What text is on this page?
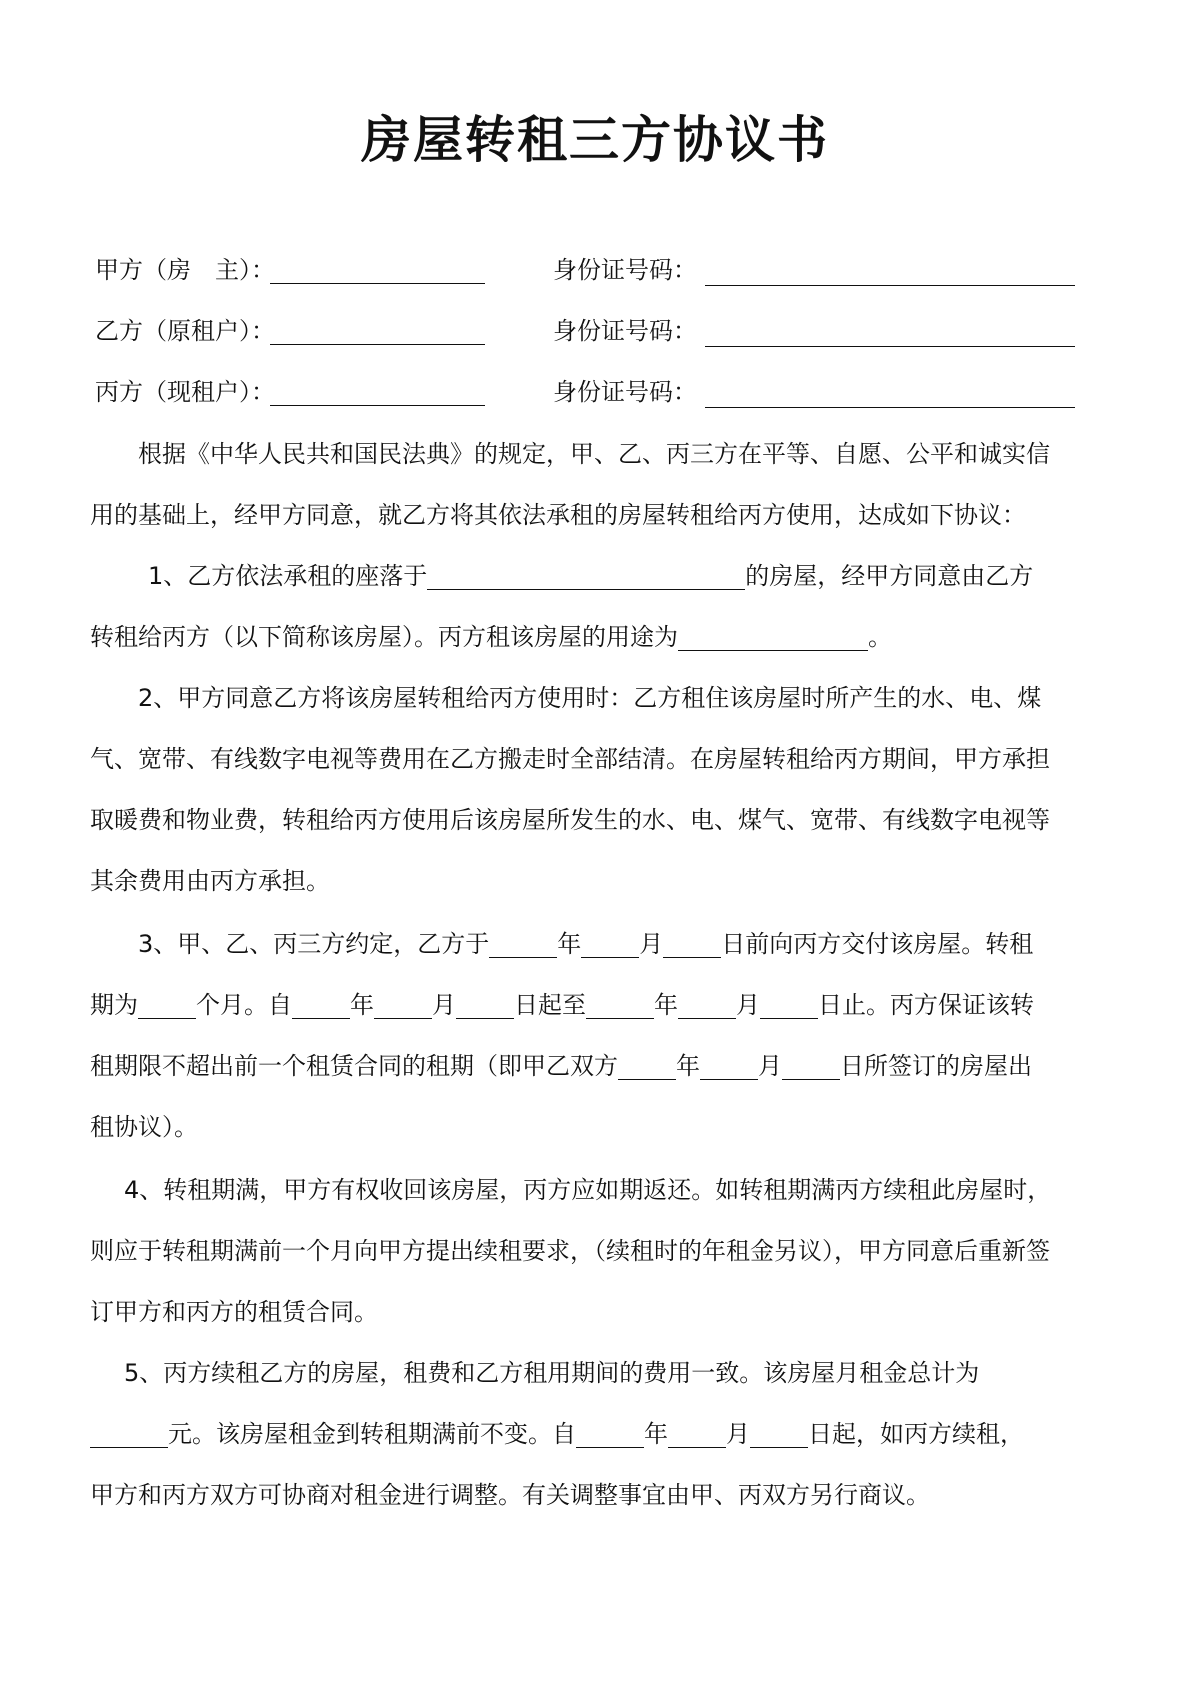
房屋转租三方协议书
甲方（房　主）：	身份证号码：
乙方（原租户）：	身份证号码：
丙方（现租户）：	身份证号码：
根据《中华人民共和国民法典》的规定，甲、乙、丙三方在平等、自愿、公平和诚实信
用的基础上，经甲方同意，就乙方将其依法承租的房屋转租给丙方使用，达成如下协议：
1、乙方依法承租的座落于	的房屋，经甲方同意由乙方
转租给丙方（以下简称该房屋）。丙方租该房屋的用途为	。
2、甲方同意乙方将该房屋转租给丙方使用时：乙方租住该房屋时所产生的水、电、煤
气、宽带、有线数字电视等费用在乙方搬走时全部结清。在房屋转租给丙方期间，甲方承担
取暖费和物业费，转租给丙方使用后该房屋所发生的水、电、煤气、宽带、有线数字电视等
其余费用由丙方承担。
3、甲、乙、丙三方约定，乙方于	年 月 日前向丙方交付该房屋。转租
期为 个月。自 年 月 日起至	年 月 日止。丙方保证该转
租期限不超出前一个租赁合同的租期（即甲乙双方 年 月 日所签订的房屋出
租协议）。
4、转租期满，甲方有权收回该房屋，丙方应如期返还。如转租期满丙方续租此房屋时，
则应于转租期满前一个月向甲方提出续租要求，（续租时的年租金另议），甲方同意后重新签
订甲方和丙方的租赁合同。
5、丙方续租乙方的房屋，租费和乙方租用期间的费用一致。该房屋月租金总计为
元。该房屋租金到转租期满前不变。自	年 月 日起，如丙方续租，
甲方和丙方双方可协商对租金进行调整。有关调整事宜由甲、丙双方另行商议。
